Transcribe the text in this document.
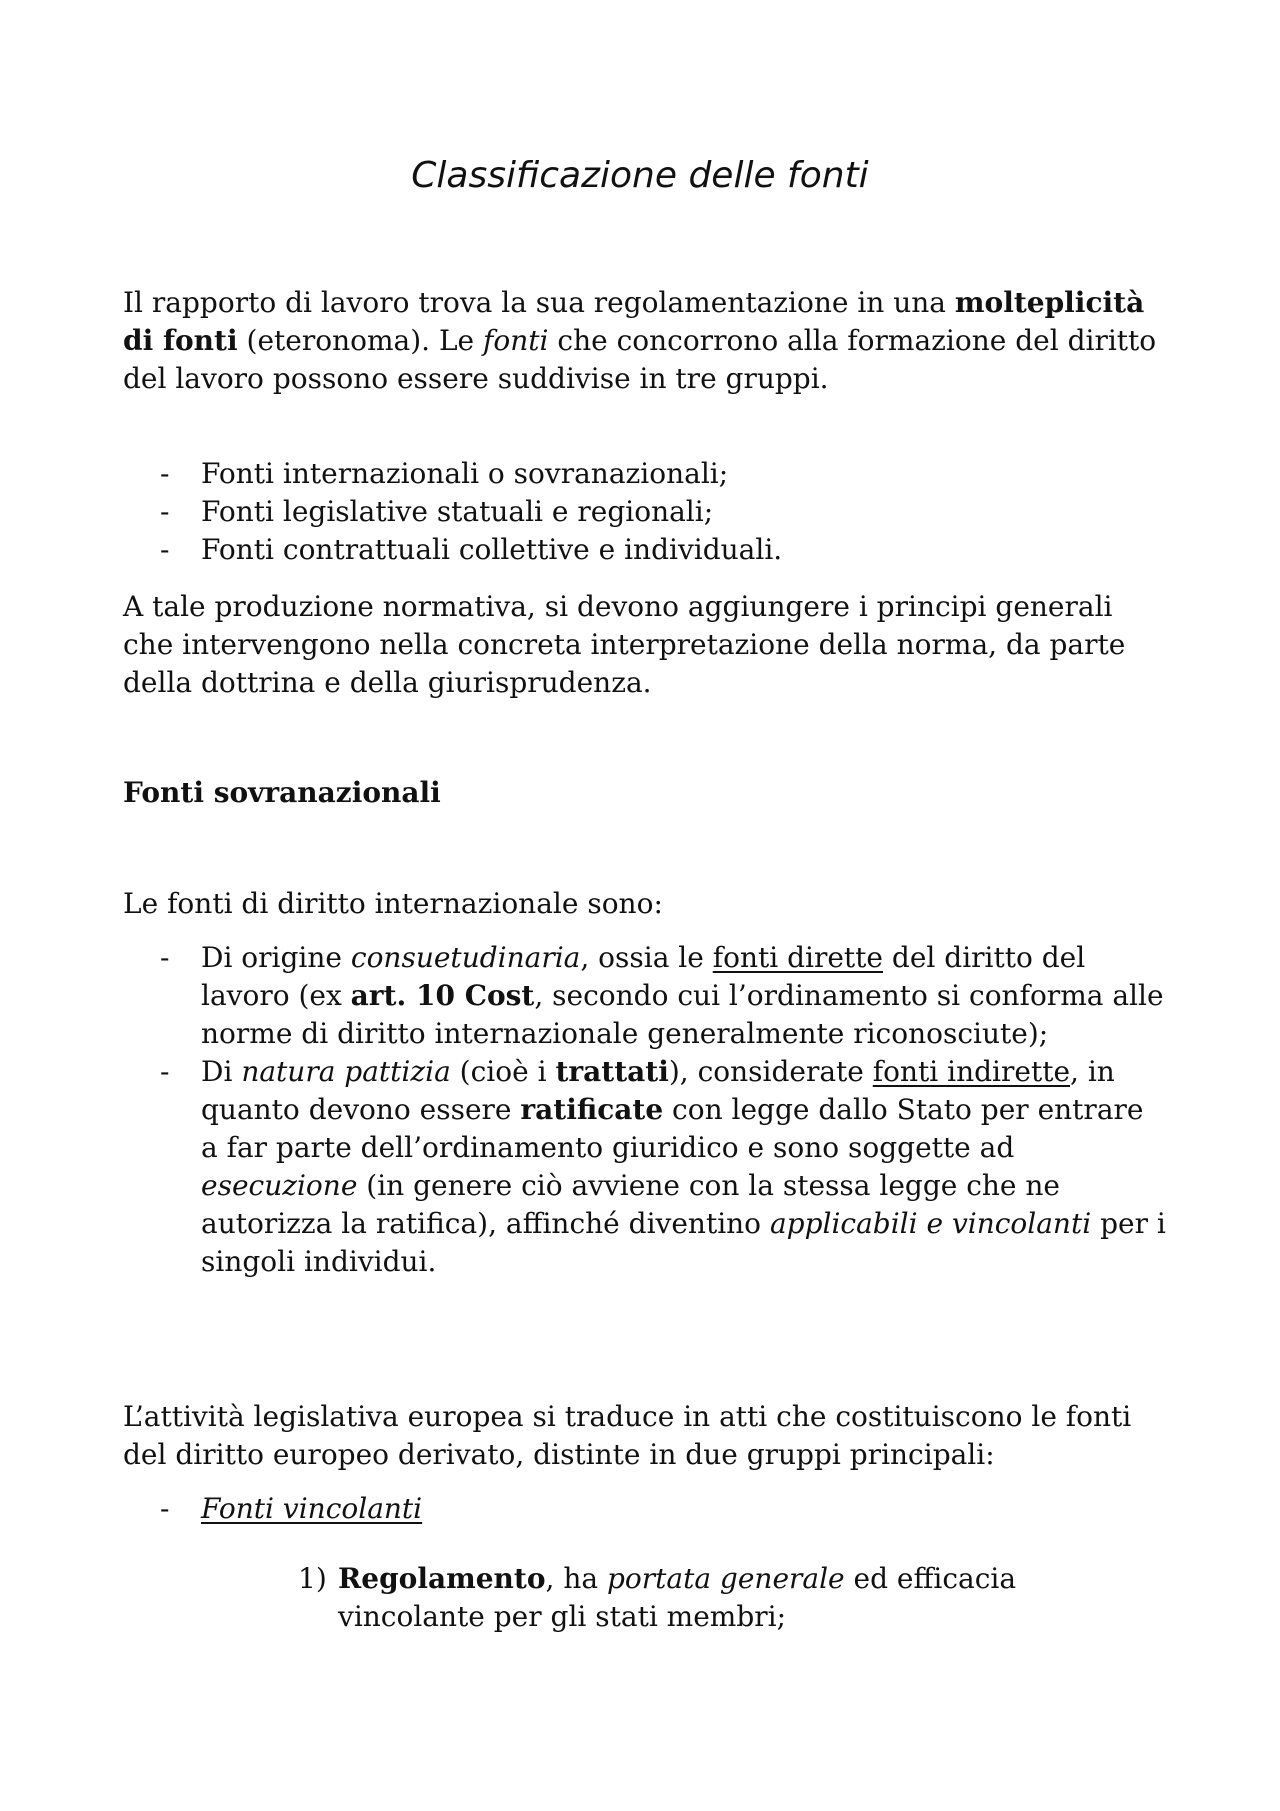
Classificazione delle fonti

Il rapporto di lavoro trova la sua regolamentazione in una molteplicità di fonti (eteronoma). Le fonti che concorrono alla formazione del diritto del lavoro possono essere suddivise in tre gruppi.

- Fonti internazionali o sovranazionali;
- Fonti legislative statuali e regionali;
- Fonti contrattuali collettive e individuali.

A tale produzione normativa, si devono aggiungere i principi generali che intervengono nella concreta interpretazione della norma, da parte della dottrina e della giurisprudenza.

Fonti sovranazionali

Le fonti di diritto internazionale sono:

- Di origine consuetudinaria, ossia le fonti dirette del diritto del lavoro (ex art. 10 Cost, secondo cui l’ordinamento si conforma alle norme di diritto internazionale generalmente riconosciute);
- Di natura pattizia (cioè i trattati), considerate fonti indirette, in quanto devono essere ratificate con legge dallo Stato per entrare a far parte dell’ordinamento giuridico e sono soggette ad esecuzione (in genere ciò avviene con la stessa legge che ne autorizza la ratifica), affinché diventino applicabili e vincolanti per i singoli individui.

L’attività legislativa europea si traduce in atti che costituiscono le fonti del diritto europeo derivato, distinte in due gruppi principali:

- Fonti vincolanti
1) Regolamento, ha portata generale ed efficacia vincolante per gli stati membri;
